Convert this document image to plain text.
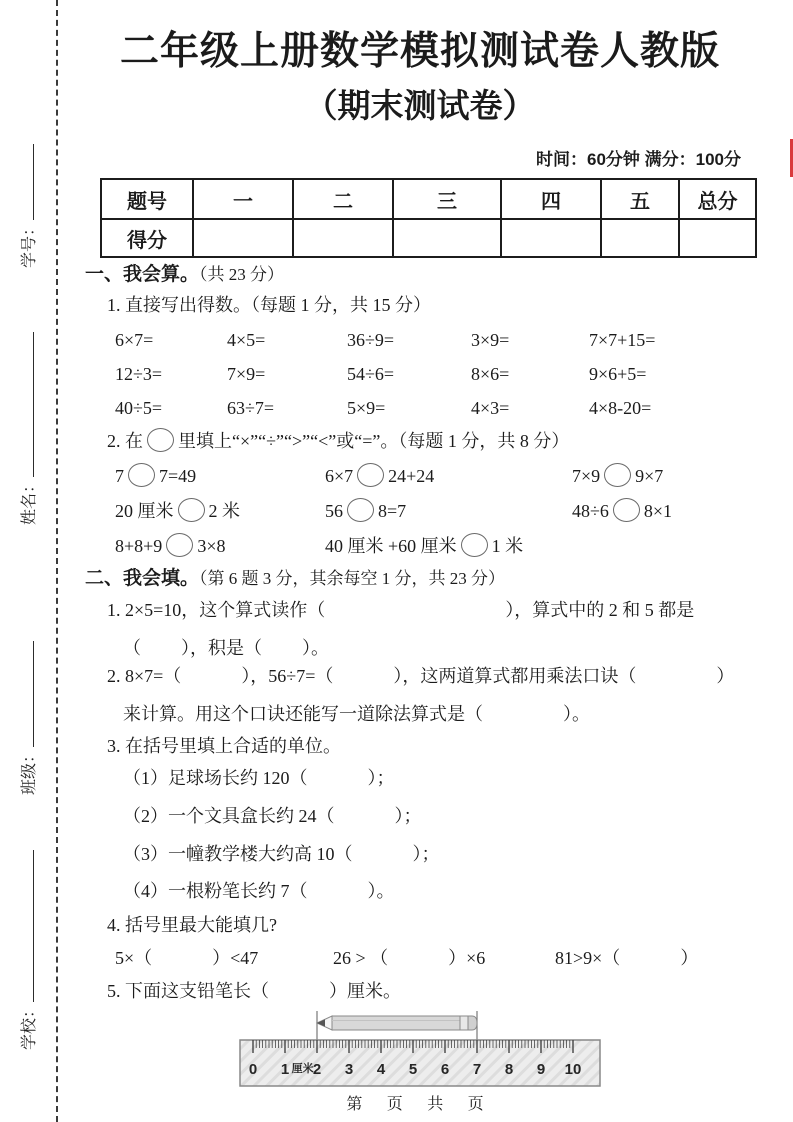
学号：
姓名：
班级：
学校：
二年级上册数学模拟测试卷人教版
（期末测试卷）
时间：60分钟 满分：100分
题号	一	二	三	四	五	总分
得分						
一、我会算。（共 23 分）
1. 直接写出得数。（每题 1 分，共 15 分）
6×7=	4×5=	36÷9=	3×9=	7×7+15=
12÷3=	7×9=	54÷6=	8×6=	9×6+5=
40÷5=	63÷7=	5×9=	4×3=	4×8-20=
2. 在 里填上“×”“÷”“>”“<”或“=”。（每题 1 分，共 8 分）
7 7=49	6×7 24+24	7×9 9×7
20 厘米 2 米	56 8=7	48÷6 8×1
8+8+9 3×8	40 厘米 +60 厘米 1 米
二、我会填。（第 6 题 3 分，其余每空 1 分，共 23 分）
1. 2×5=10，这个算式读作（	），算式中的 2 和 5 都是
（ ），积是（ ）。
2. 8×7=（	），56÷7=（	），这两道算式都用乘法口诀（	）
来计算。用这个口诀还能写一道除法算式是（	）。
3. 在括号里填上合适的单位。
（1）足球场长约 120（	）；
（2）一个文具盒长约 24（	）；
（3）一幢教学楼大约高 10（	）；
（4）一根粉笔长约 7（	）。
4. 括号里最大能填几?
5×（	）<47	26 > （	）×6	81>9×（	）
5. 下面这支铅笔长（	）厘米。
0 1 2 3 4 5 6 7 8 9 10
厘米
第 页 共 页
